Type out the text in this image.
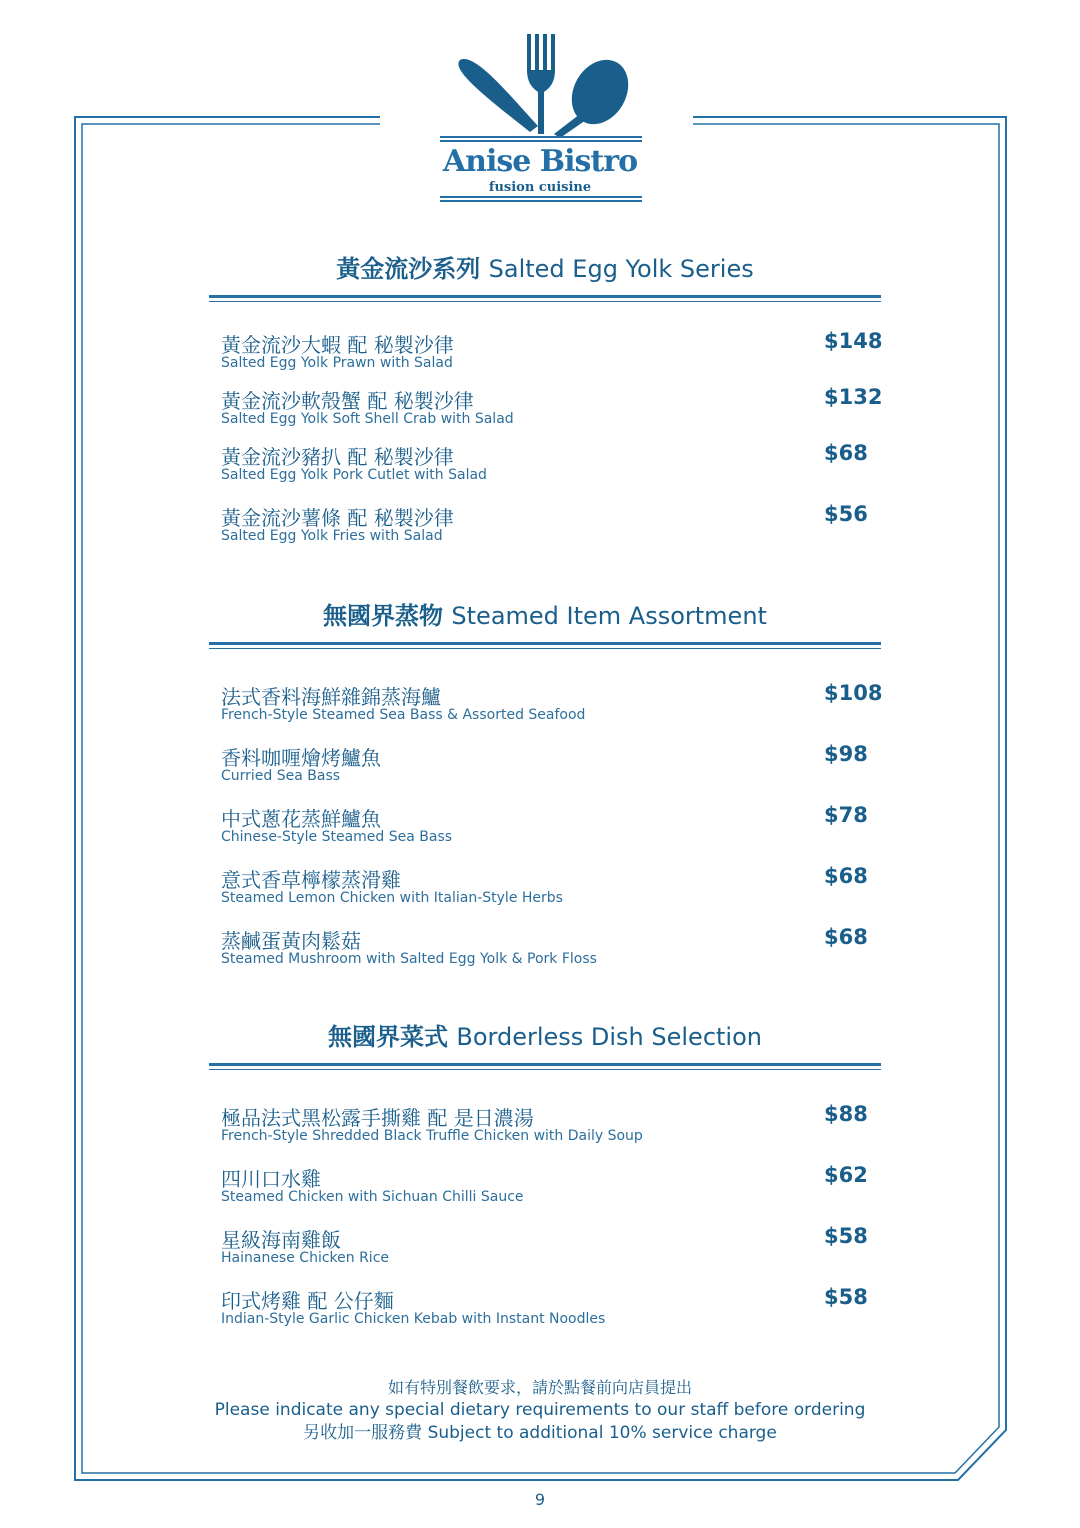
Anise Bistro
fusion cuisine
黃金流沙系列 Salted Egg Yolk Series
黃金流沙大蝦 配 秘製沙律
Salted Egg Yolk Prawn with Salad
$148
黃金流沙軟殼蟹 配 秘製沙律
Salted Egg Yolk Soft Shell Crab with Salad
$132
黃金流沙豬扒 配 秘製沙律
Salted Egg Yolk Pork Cutlet with Salad
$68
黃金流沙薯條 配 秘製沙律
Salted Egg Yolk Fries with Salad
$56
無國界蒸物 Steamed Item Assortment
法式香料海鮮雜錦蒸海鱸
French-Style Steamed Sea Bass & Assorted Seafood
$108
香料咖喱燴烤鱸魚
Curried Sea Bass
$98
中式蔥花蒸鮮鱸魚
Chinese-Style Steamed Sea Bass
$78
意式香草檸檬蒸滑雞
Steamed Lemon Chicken with Italian-Style Herbs
$68
蒸鹹蛋黃肉鬆菇
Steamed Mushroom with Salted Egg Yolk & Pork Floss
$68
無國界菜式 Borderless Dish Selection
極品法式黑松露手撕雞 配 是日濃湯
French-Style Shredded Black Truffle Chicken with Daily Soup
$88
四川口水雞
Steamed Chicken with Sichuan Chilli Sauce
$62
星級海南雞飯
Hainanese Chicken Rice
$58
印式烤雞 配 公仔麵
Indian-Style Garlic Chicken Kebab with Instant Noodles
$58
如有特別餐飲要求，請於點餐前向店員提出
Please indicate any special dietary requirements to our staff before ordering
另收加一服務費 Subject to additional 10% service charge
9
